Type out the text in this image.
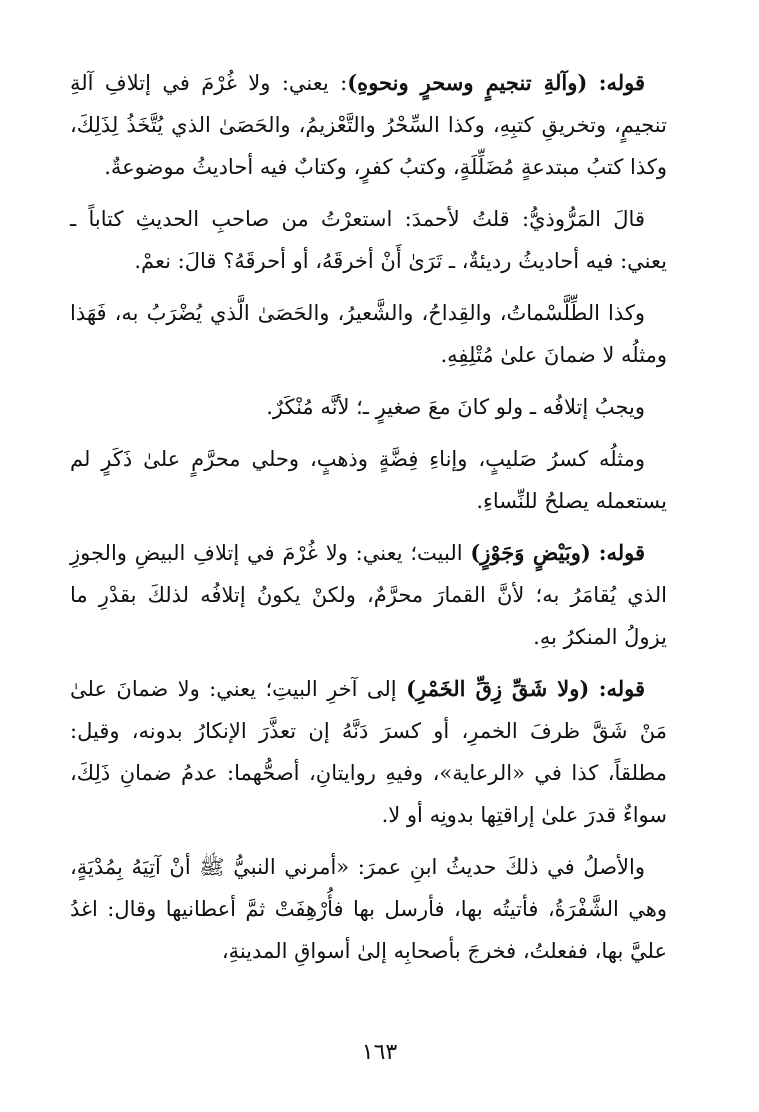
قوله: (وآلةِ تنجيمٍ وسحرٍ ونحوهِ): يعني: ولا غُرْمَ في إتلافِ آلةِ تنجيمٍ، وتخريقِ كتبِهِ، وكذا السِّحْرُ والتَّعْزيمُ، والحَصَىٰ الذي يُتَّخَذُ لِذَلِكَ، وكذا كتبُ مبتدعةٍ مُضَلِّلَةٍ، وكتبُ كفرٍ، وكتابٌ فيه أحاديثُ موضوعةٌ.

قالَ المَرُّوذيُّ: قلتُ لأحمدَ: استعرْتُ من صاحبِ الحديثِ كتاباً ـ يعني: فيه أحاديثُ رديئةٌ، ـ تَرَىٰ أَنْ أخرقَهُ، أو أحرقَهُ؟ قالَ: نعمْ.

وكذا الطِّلَّسْماتُ، والقِداحُ، والشَّعيرُ، والحَصَىٰ الَّذي يُضْرَبُ به، فَهَذا ومثلُه لا ضمانَ علىٰ مُتْلِفِهِ.

ويجبُ إتلافُه ـ ولو كانَ معَ صغيرٍ ـ؛ لأنَّه مُنْكَرٌ.

ومثلُه كسرُ صَليبٍ، وإناءِ فِضَّةٍ وذهبٍ، وحلي محرَّمٍ علىٰ ذَكَرٍ لم يستعمله يصلحُ للنِّساءِ.

قوله: (وبَيْضٍ وَجَوْزٍ) البيت؛ يعني: ولا غُرْمَ في إتلافِ البيضِ والجوزِ الذي يُقامَرُ به؛ لأنَّ القمارَ محرَّمٌ، ولكنْ يكونُ إتلافُه لذلكَ بقدْرِ ما يزولُ المنكرُ بهِ.

قوله: (ولا شَقِّ زِقِّ الخَمْرِ) إلى آخرِ البيتِ؛ يعني: ولا ضمانَ علىٰ مَنْ شَقَّ ظرفَ الخمرِ، أو كسرَ دَنَّهُ إن تعذَّرَ الإنكارُ بدونه، وقيل: مطلقاً، كذا في «الرعاية»، وفيهِ روايتانِ، أصحُّهما: عدمُ ضمانِ ذَلِكَ، سواءٌ قدرَ علىٰ إراقتِها بدونِه أو لا.

والأصلُ في ذلكَ حديثُ ابنِ عمرَ: «أمرني النبيُّ ﷺ أنْ آتِيَهُ بِمُدْيَةٍ، وهي الشَّفْرَةُ، فأتيتُه بها، فأرسل بها فأُرْهِفَتْ ثمَّ أعطانيها وقال: اغدُ عليَّ بها، ففعلتُ، فخرجَ بأصحابِه إلىٰ أسواقِ المدينةِ،

١٦٣
